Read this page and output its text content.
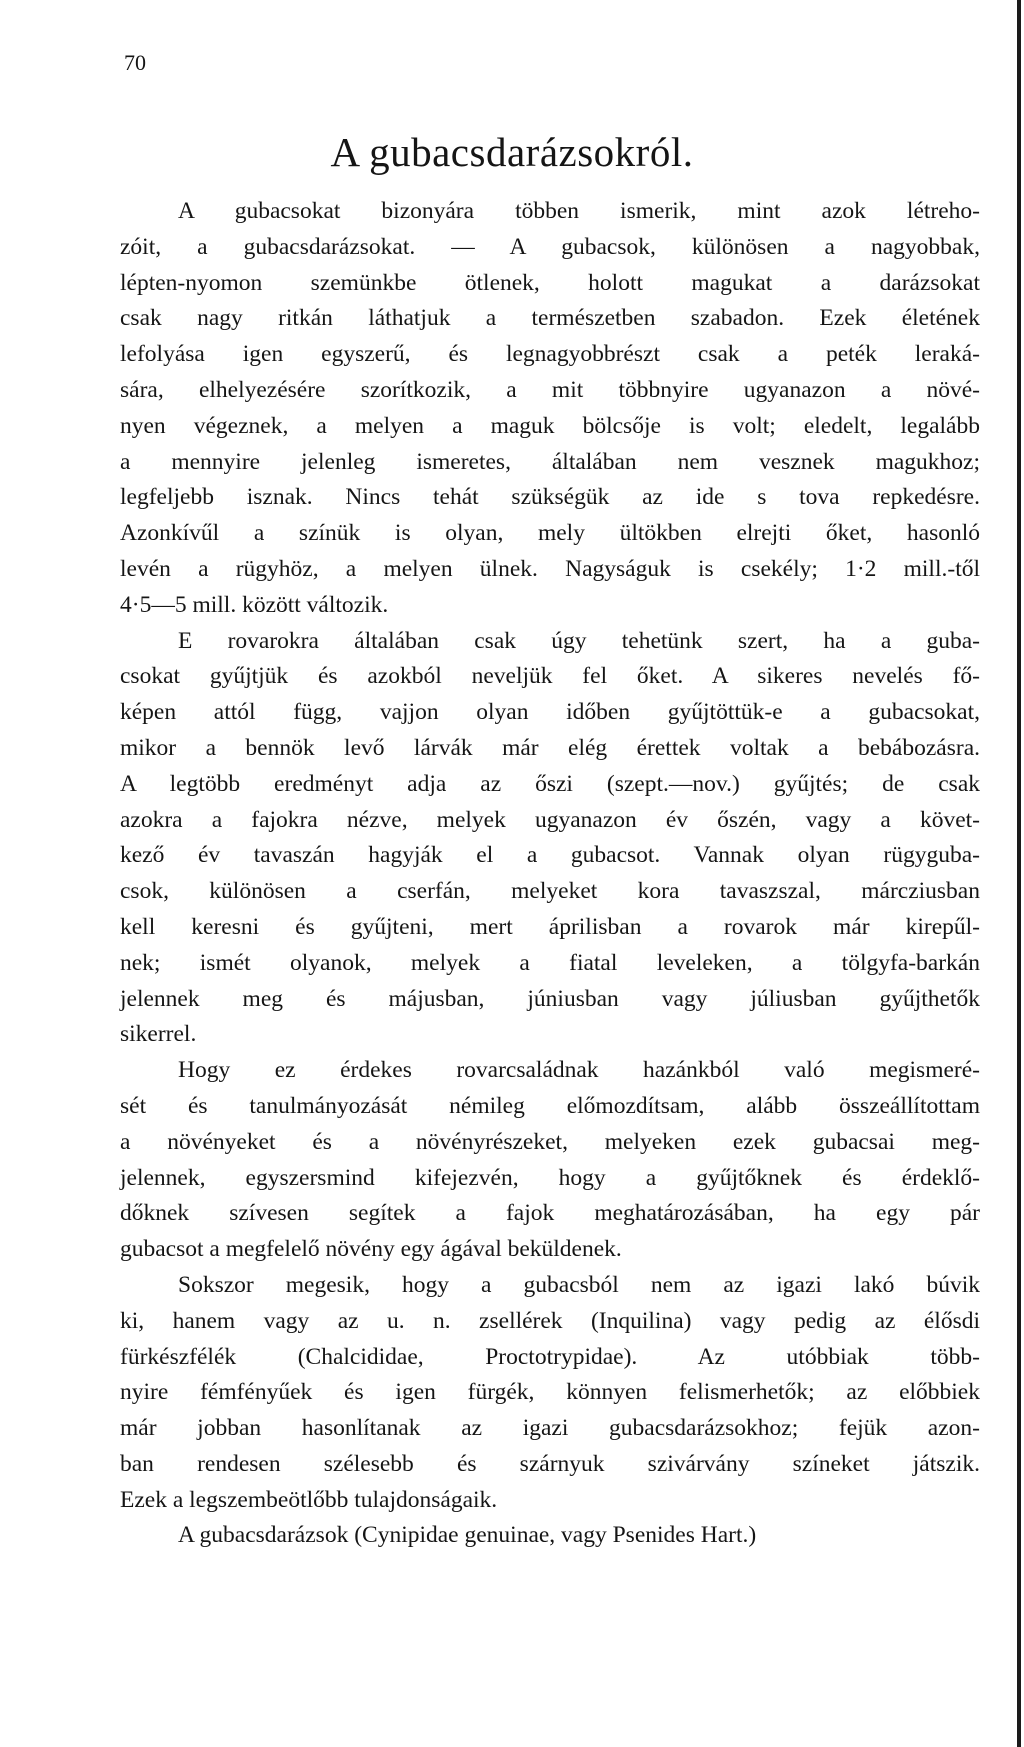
70
A gubacsdarázsokról.
A gubacsokat bizonyára többen ismerik, mint azok létreho-
zóit, a gubacsdarázsokat. — A gubacsok, különösen a nagyobbak,
lépten-nyomon szemünkbe ötlenek, holott magukat a darázsokat
csak nagy ritkán láthatjuk a természetben szabadon. Ezek életének
lefolyása igen egyszerű, és legnagyobbrészt csak a peték leraká-
sára, elhelyezésére szorítkozik, a mit többnyire ugyanazon a növé-
nyen végeznek, a melyen a maguk bölcsője is volt; eledelt, legalább
a mennyire jelenleg ismeretes, általában nem vesznek magukhoz;
legfeljebb isznak. Nincs tehát szükségük az ide s tova repkedésre.
Azonkívűl a színük is olyan, mely ültökben elrejti őket, hasonló
levén a rügyhöz, a melyen ülnek. Nagyságuk is csekély; 1·2 mill.-től
4·5—5 mill. között változik.
E rovarokra általában csak úgy tehetünk szert, ha a guba-
csokat gyűjtjük és azokból neveljük fel őket. A sikeres nevelés fő-
képen attól függ, vajjon olyan időben gyűjtöttük-e a gubacsokat,
mikor a bennök levő lárvák már elég érettek voltak a bebábozásra.
A legtöbb eredményt adja az őszi (szept.—nov.) gyűjtés; de csak
azokra a fajokra nézve, melyek ugyanazon év őszén, vagy a követ-
kező év tavaszán hagyják el a gubacsot. Vannak olyan rügyguba-
csok, különösen a cserfán, melyeket kora tavaszszal, márcziusban
kell keresni és gyűjteni, mert áprilisban a rovarok már kirepűl-
nek; ismét olyanok, melyek a fiatal leveleken, a tölgyfa-barkán
jelennek meg és májusban, júniusban vagy júliusban gyűjthetők
sikerrel.
Hogy ez érdekes rovarcsaládnak hazánkból való megismeré-
sét és tanulmányozását némileg előmozdítsam, alább összeállítottam
a növényeket és a növényrészeket, melyeken ezek gubacsai meg-
jelennek, egyszersmind kifejezvén, hogy a gyűjtőknek és érdeklő-
dőknek szívesen segítek a fajok meghatározásában, ha egy pár
gubacsot a megfelelő növény egy ágával beküldenek.
Sokszor megesik, hogy a gubacsból nem az igazi lakó búvik
ki, hanem vagy az u. n. zsellérek (Inquilina) vagy pedig az élősdi
fürkészfélék (Chalcididae, Proctotrypidae). Az utóbbiak több-
nyire fémfényűek és igen fürgék, könnyen felismerhetők; az előbbiek
már jobban hasonlítanak az igazi gubacsdarázsokhoz; fejük azon-
ban rendesen szélesebb és szárnyuk szivárvány színeket játszik.
Ezek a legszembeötlőbb tulajdonságaik.
A gubacsdarázsok (Cynipidae genuinae, vagy Psenides Hart.)
